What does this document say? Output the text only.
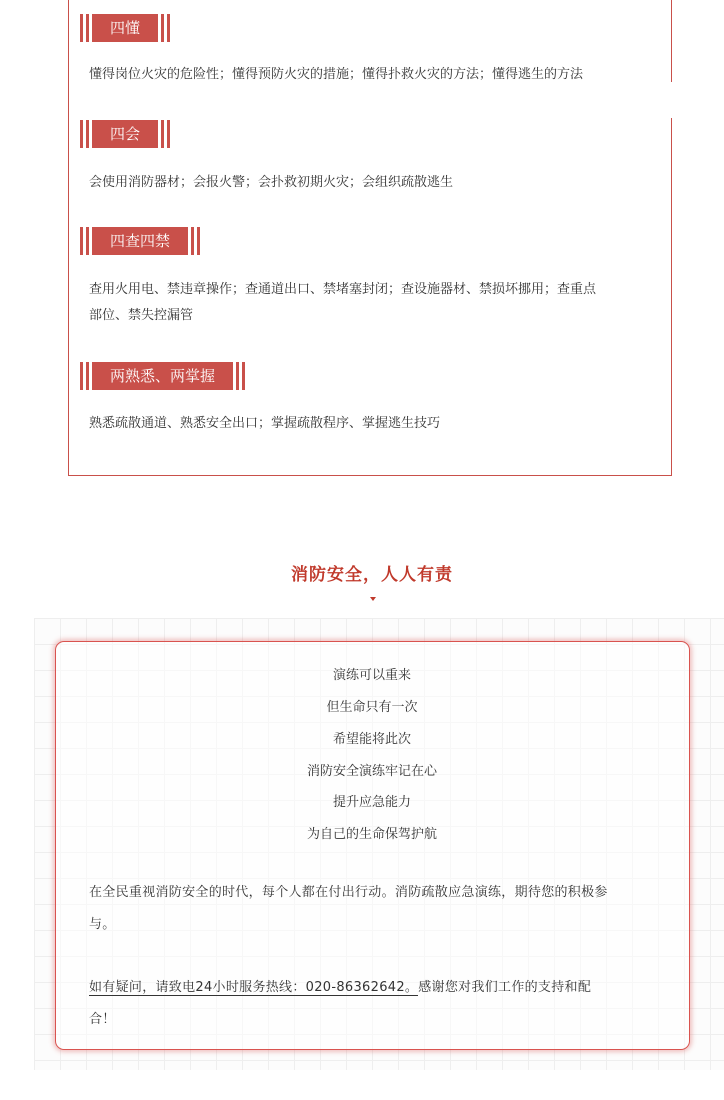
四懂
懂得岗位火灾的危险性；懂得预防火灾的措施；懂得扑救火灾的方法；懂得逃生的方法
四会
会使用消防器材；会报火警；会扑救初期火灾；会组织疏散逃生
四查四禁
查用火用电、禁违章操作；查通道出口、禁堵塞封闭；查设施器材、禁损坏挪用；查重点
部位、禁失控漏管
两熟悉、两掌握
熟悉疏散通道、熟悉安全出口；掌握疏散程序、掌握逃生技巧
消防安全，人人有责
演练可以重来
但生命只有一次
希望能将此次
消防安全演练牢记在心
提升应急能力
为自己的生命保驾护航
在全民重视消防安全的时代，每个人都在付出行动。消防疏散应急演练，期待您的积极参
与。
如有疑问，请致电24小时服务热线：020-86362642。感谢您对我们工作的支持和配
合！
